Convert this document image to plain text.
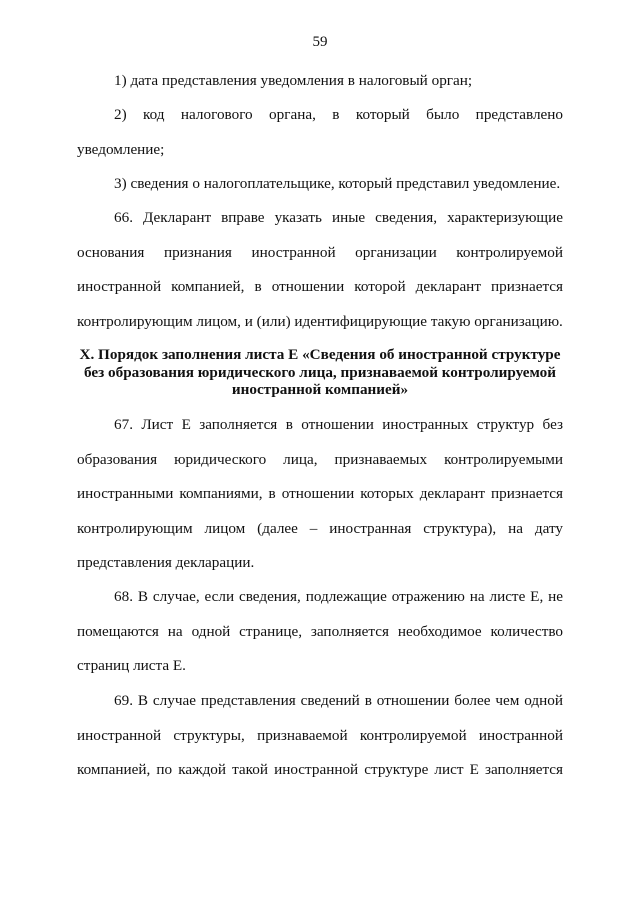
59

1) дата представления уведомления в налоговый орган;

2) код налогового органа, в который было представлено уведомление;

3) сведения о налогоплательщике, который представил уведомление.

66. Декларант вправе указать иные сведения, характеризующие основания признания иностранной организации контролируемой иностранной компанией, в отношении которой декларант признается контролирующим лицом, и (или) идентифицирующие такую организацию.

X. Порядок заполнения листа Е «Сведения об иностранной структуре без образования юридического лица, признаваемой контролируемой иностранной компанией»

67. Лист Е заполняется в отношении иностранных структур без образования юридического лица, признаваемых контролируемыми иностранными компаниями, в отношении которых декларант признается контролирующим лицом (далее – иностранная структура), на дату представления декларации.

68. В случае, если сведения, подлежащие отражению на листе Е, не помещаются на одной странице, заполняется необходимое количество страниц листа Е.

69. В случае представления сведений в отношении более чем одной иностранной структуры, признаваемой контролируемой иностранной компанией, по каждой такой иностранной структуре лист Е заполняется
